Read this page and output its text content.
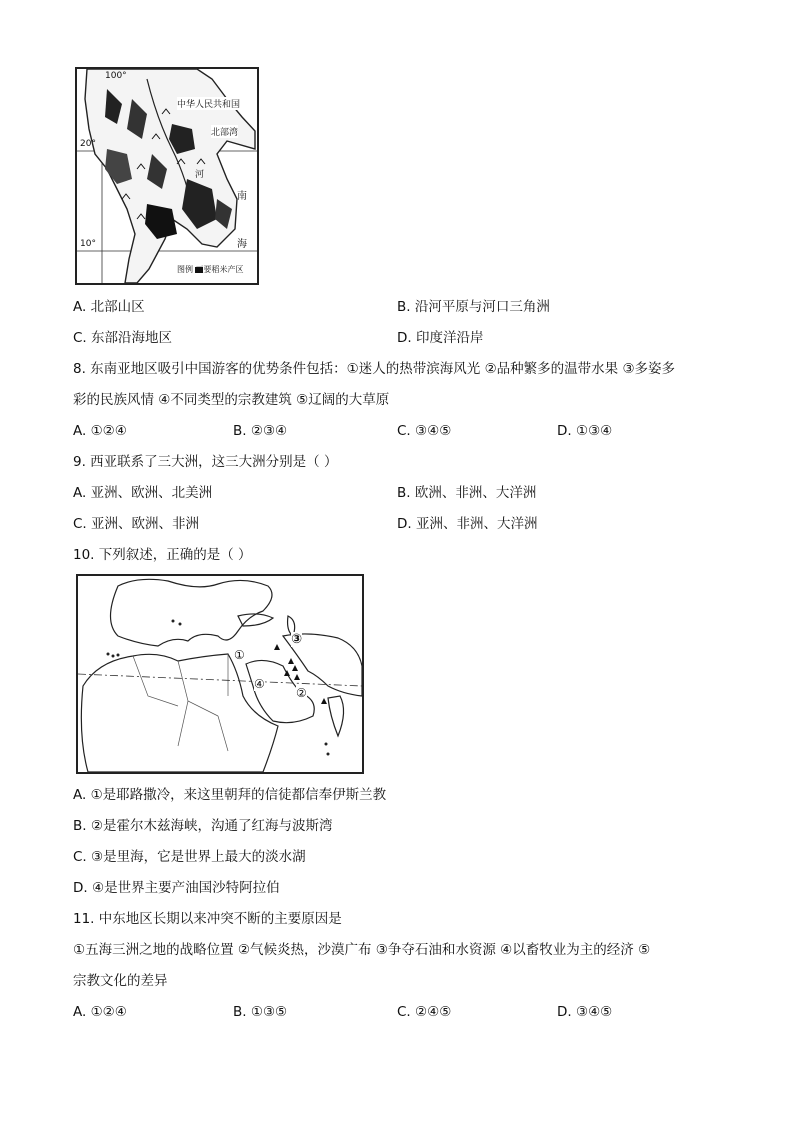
100°
20°
10°
中华人民共和国
北部湾
河
南
海
图例 三要稻米产区
A. 北部山区	B. 沿河平原与河口三角洲
C. 东部沿海地区	D. 印度洋沿岸
8. 东南亚地区吸引中国游客的优势条件包括：①迷人的热带滨海风光 ②品种繁多的温带水果 ③多姿多
彩的民族风情 ④不同类型的宗教建筑 ⑤辽阔的大草原
A. ①②④	B. ②③④	C. ③④⑤	D. ①③④
9. 西亚联系了三大洲，这三大洲分别是（ ）
A. 亚洲、欧洲、北美洲	B. 欧洲、非洲、大洋洲
C. 亚洲、欧洲、非洲	D. 亚洲、非洲、大洋洲
10. 下列叙述，正确的是（ ）
①
②
③
④
A. ①是耶路撒冷，来这里朝拜的信徒都信奉伊斯兰教
B. ②是霍尔木兹海峡，沟通了红海与波斯湾
C. ③是里海，它是世界上最大的淡水湖
D. ④是世界主要产油国沙特阿拉伯
11. 中东地区长期以来冲突不断的主要原因是
①五海三洲之地的战略位置 ②气候炎热，沙漠广布 ③争夺石油和水资源 ④以畜牧业为主的经济 ⑤
宗教文化的差异
A. ①②④	B. ①③⑤	C. ②④⑤	D. ③④⑤
